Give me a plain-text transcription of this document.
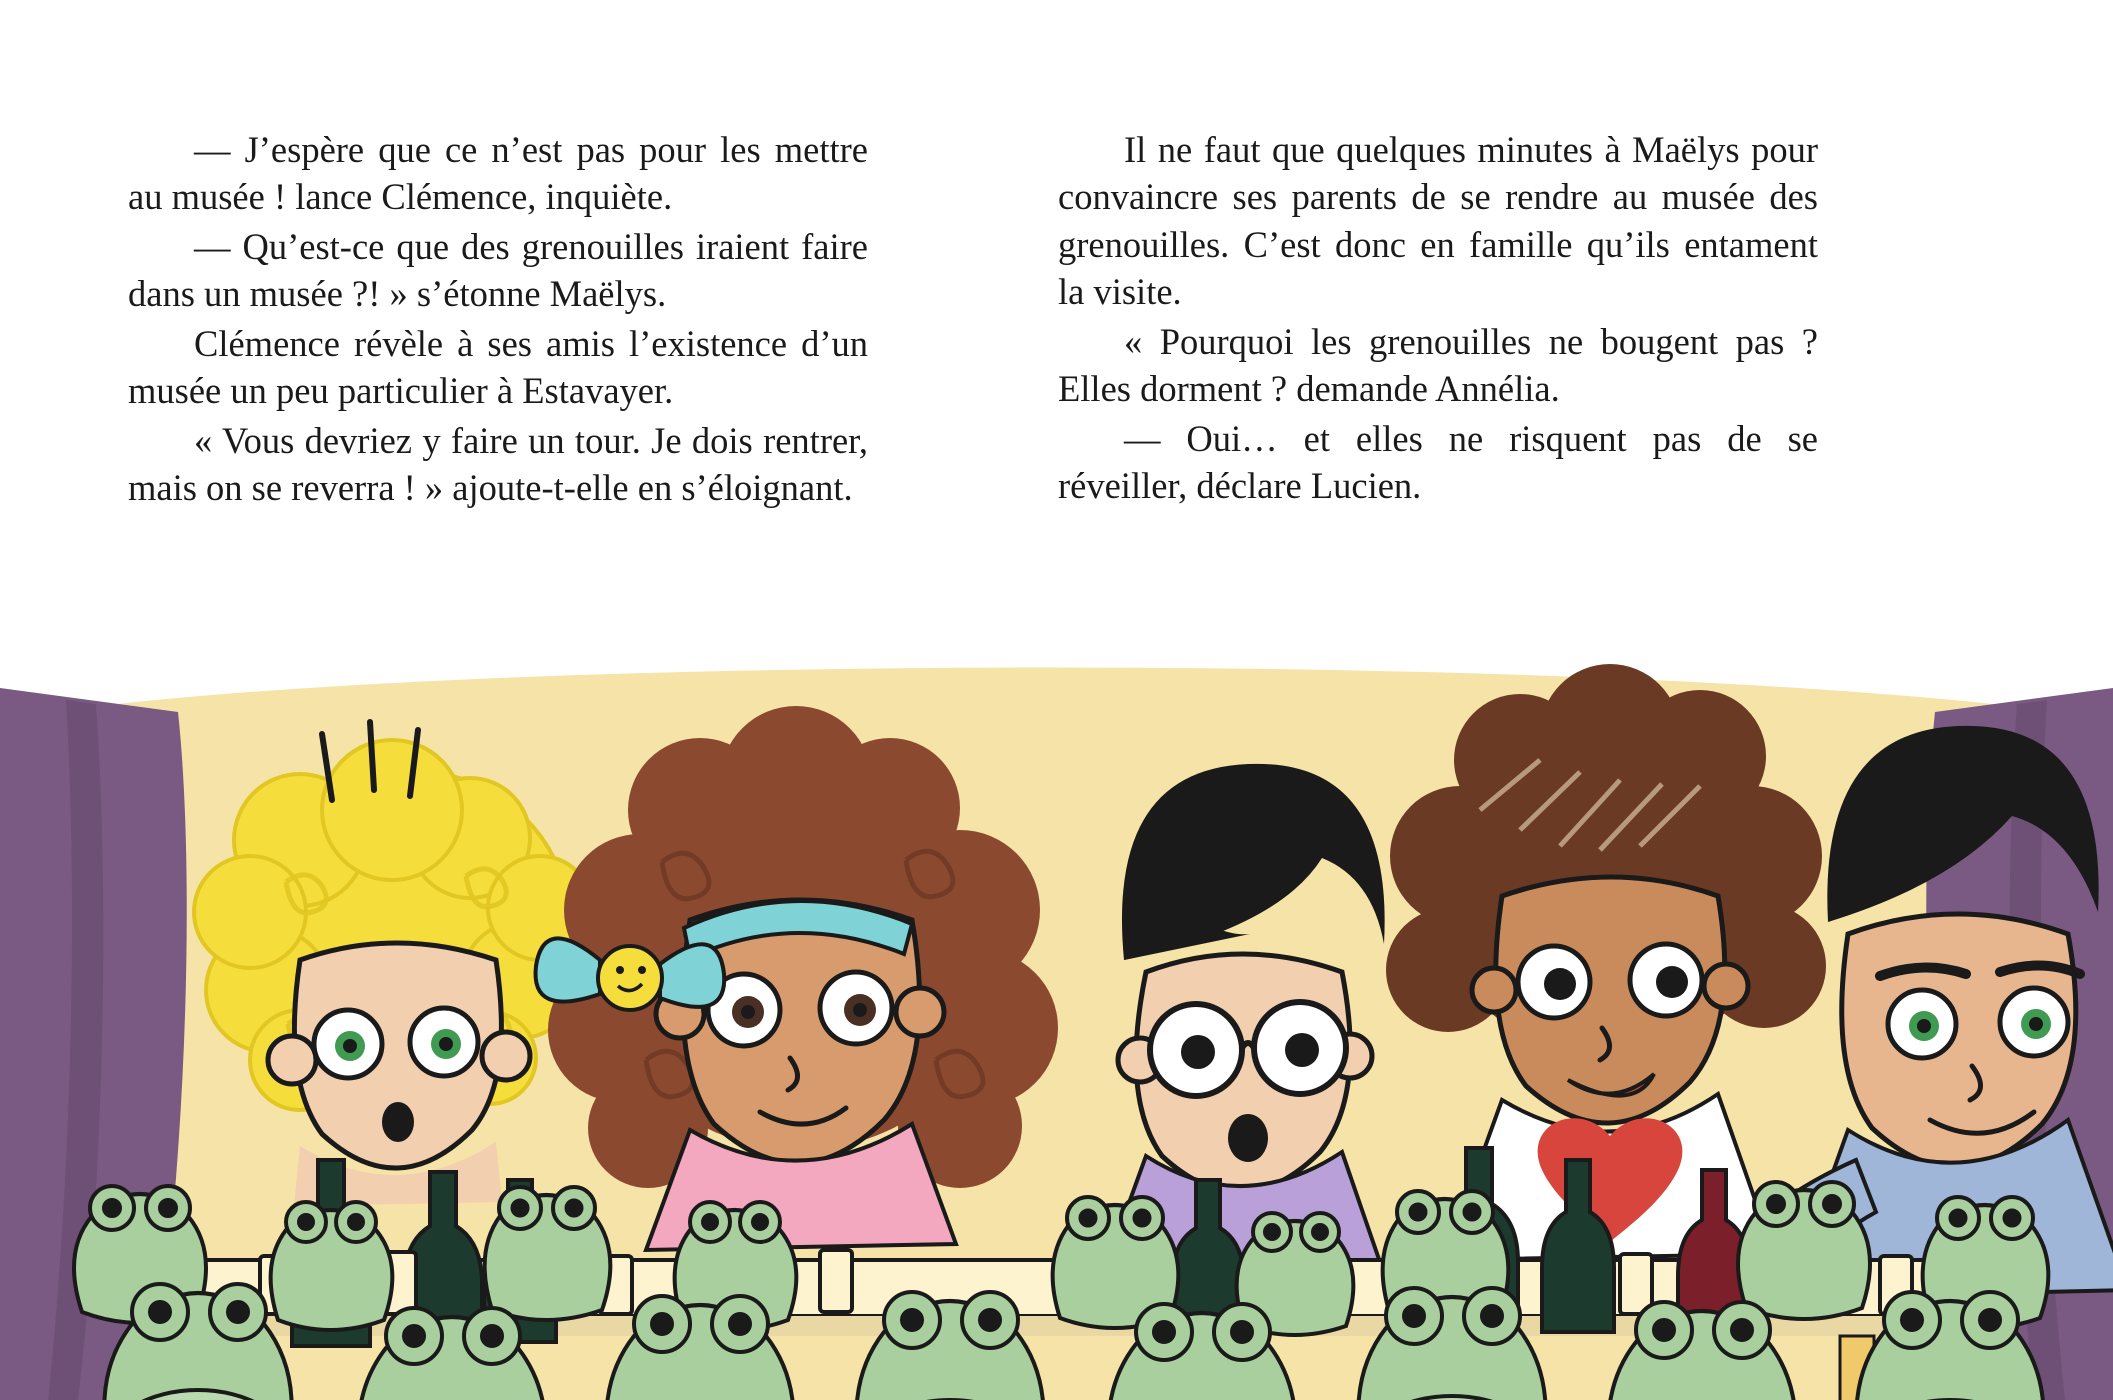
— J’espère que ce n’est pas pour les mettre au musée ! lance Clémence, inquiète.

— Qu’est-ce que des grenouilles iraient faire dans un musée ?! » s’étonne Maëlys.

Clémence révèle à ses amis l’existence d’un musée un peu particulier à Estavayer.

« Vous devriez y faire un tour. Je dois rentrer, mais on se reverra ! » ajoute-t-elle en s’éloignant.

Il ne faut que quelques minutes à Maëlys pour convaincre ses parents de se rendre au musée des grenouilles. C’est donc en famille qu’ils entament la visite.

« Pourquoi les grenouilles ne bougent pas ? Elles dorment ? demande Annélia.

— Oui… et elles ne risquent pas de se réveiller, déclare Lucien.
